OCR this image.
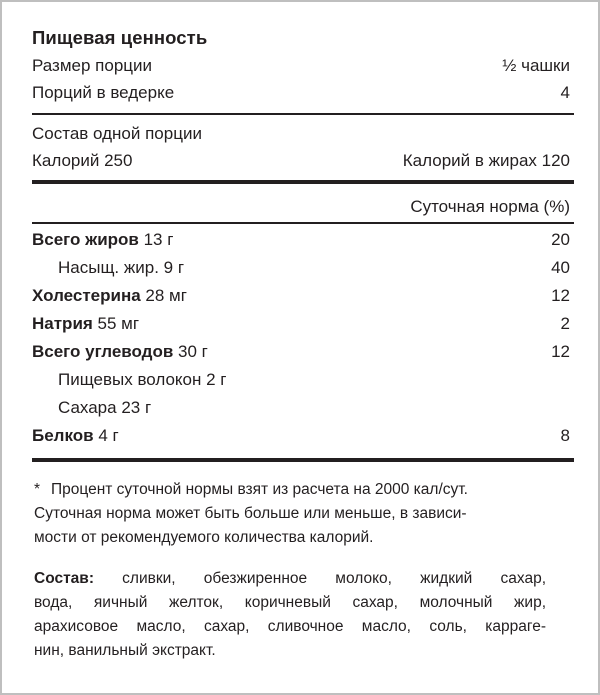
Пищевая ценность
Размер порции	½ чашки
Порций в ведерке	4
Состав одной порции
Калорий 250	Калорий в жирах 120
Суточная норма (%)
Всего жиров 13 г	20
Насыщ. жир. 9 г	40
Холестерина 28 мг	12
Натрия 55 мг	2
Всего углеводов 30 г	12
Пищевых волокон 2 г
Сахара 23 г
Белков 4 г	8
* Процент суточной нормы взят из расчета на 2000 кал/сут.
Суточная норма может быть больше или меньше, в зависи-
мости от рекомендуемого количества калорий.
Состав: сливки, обезжиренное молоко, жидкий сахар,
вода, яичный желток, коричневый сахар, молочный жир,
арахисовое масло, сахар, сливочное масло, соль, карраге-
нин, ванильный экстракт.
